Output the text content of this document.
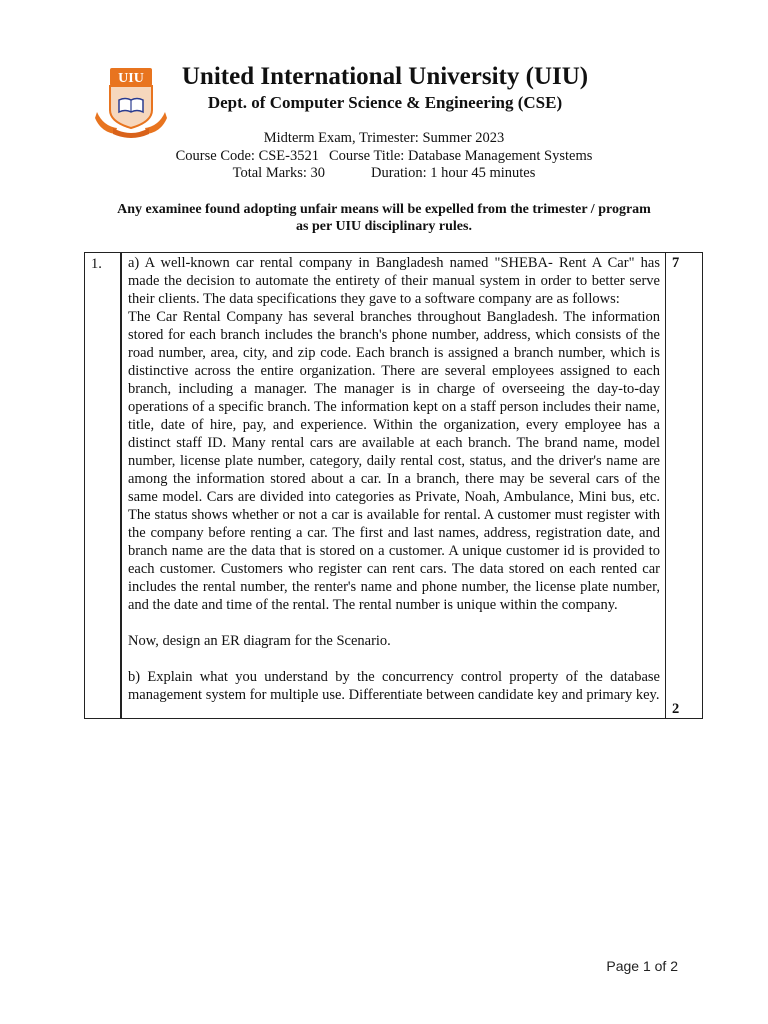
UIU	United International University (UIU)
Dept. of Computer Science & Engineering (CSE)
Midterm Exam, Trimester: Summer 2023
Course Code: CSE-3521 Course Title: Database Management Systems
Total Marks: 30	Duration: 1 hour 45 minutes
Any examinee found adopting unfair means will be expelled from the trimester / program
as per UIU disciplinary rules.
1.	a) A well-known car rental company in Bangladesh named "SHEBA- Rent A Car" has made the decision to automate the entirety of their manual system in order to better serve their clients. The data specifications they gave to a software company are as follows:

The Car Rental Company has several branches throughout Bangladesh. The information stored for each branch includes the branch's phone number, address, which consists of the road number, area, city, and zip code. Each branch is assigned a branch number, which is distinctive across the entire organization. There are several employees assigned to each branch, including a manager. The manager is in charge of overseeing the day-to-day operations of a specific branch. The information kept on a staff person includes their name, title, date of hire, pay, and experience. Within the organization, every employee has a distinct staff ID. Many rental cars are available at each branch. The brand name, model number, license plate number, category, daily rental cost, status, and the driver's name are among the information stored about a car. In a branch, there may be several cars of the same model. Cars are divided into categories as Private, Noah, Ambulance, Mini bus, etc. The status shows whether or not a car is available for rental. A customer must register with the company before renting a car. The first and last names, address, registration date, and branch name are the data that is stored on a customer. A unique customer id is provided to each customer. Customers who register can rent cars. The data stored on each rented car includes the rental number, the renter's name and phone number, the license plate number, and the date and time of the rental. The rental number is unique within the company.

Now, design an ER diagram for the Scenario.

b) Explain what you understand by the concurrency control property of the database management system for multiple use. Differentiate between candidate key and primary key.

	7
2
Page 1 of 2
